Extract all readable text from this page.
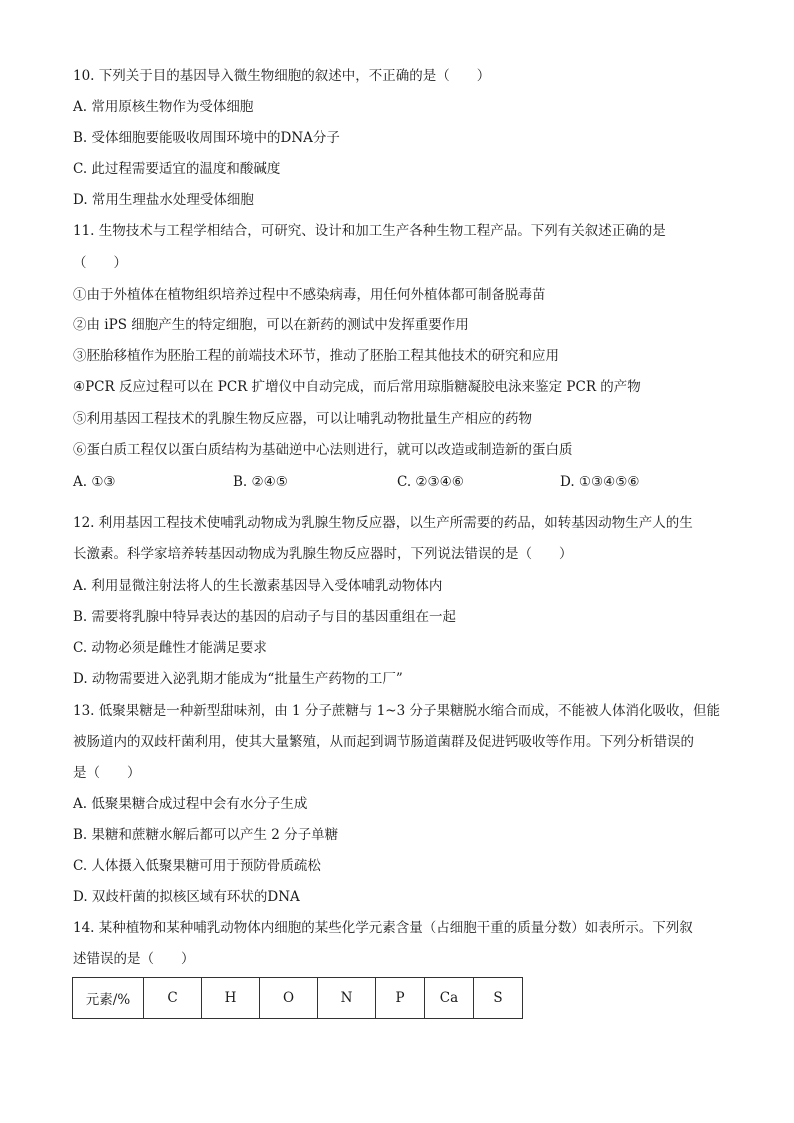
10. 下列关于目的基因导入微生物细胞的叙述中，不正确的是（　　）
A. 常用原核生物作为受体细胞
B. 受体细胞要能吸收周围环境中的DNA分子
C. 此过程需要适宜的温度和酸碱度
D. 常用生理盐水处理受体细胞
11. 生物技术与工程学相结合，可研究、设计和加工生产各种生物工程产品。下列有关叙述正确的是
（　　）
①由于外植体在植物组织培养过程中不感染病毒，用任何外植体都可制备脱毒苗
②由 iPS 细胞产生的特定细胞，可以在新药的测试中发挥重要作用
③胚胎移植作为胚胎工程的前端技术环节，推动了胚胎工程其他技术的研究和应用
④PCR 反应过程可以在 PCR 扩增仪中自动完成，而后常用琼脂糖凝胶电泳来鉴定 PCR 的产物
⑤利用基因工程技术的乳腺生物反应器，可以让哺乳动物批量生产相应的药物
⑥蛋白质工程仅以蛋白质结构为基础逆中心法则进行，就可以改造或制造新的蛋白质
A. ①③	B. ②④⑤	C. ②③④⑥	D. ①③④⑤⑥
12. 利用基因工程技术使哺乳动物成为乳腺生物反应器，以生产所需要的药品，如转基因动物生产人的生
长激素。科学家培养转基因动物成为乳腺生物反应器时，下列说法错误的是（　　）
A. 利用显微注射法将人的生长激素基因导入受体哺乳动物体内
B. 需要将乳腺中特异表达的基因的启动子与目的基因重组在一起
C. 动物必须是雌性才能满足要求
D. 动物需要进入泌乳期才能成为“批量生产药物的工厂”
13. 低聚果糖是一种新型甜味剂，由 1 分子蔗糖与 1~3 分子果糖脱水缩合而成，不能被人体消化吸收，但能
被肠道内的双歧杆菌利用，使其大量繁殖，从而起到调节肠道菌群及促进钙吸收等作用。下列分析错误的
是（　　）
A. 低聚果糖合成过程中会有水分子生成
B. 果糖和蔗糖水解后都可以产生 2 分子单糖
C. 人体摄入低聚果糖可用于预防骨质疏松
D. 双歧杆菌的拟核区域有环状的DNA
14. 某种植物和某种哺乳动物体内细胞的某些化学元素含量（占细胞干重的质量分数）如表所示。下列叙
述错误的是（　　）
元素/%	C	H	O	N	P	Ca	S
